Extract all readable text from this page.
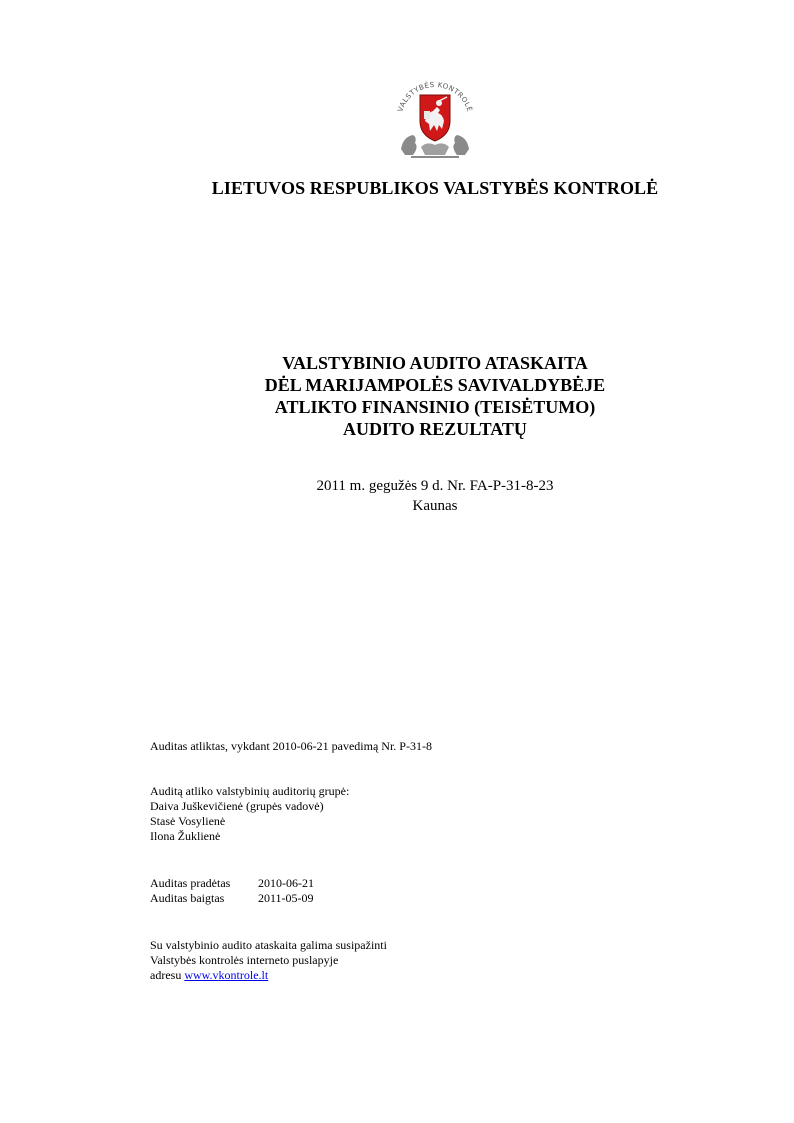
VALSTYBĖS KONTROLĖ
LIETUVOS RESPUBLIKOS VALSTYBĖS KONTROLĖ
VALSTYBINIO AUDITO ATASKAITA
DĖL MARIJAMPOLĖS SAVIVALDYBĖJE
ATLIKTO FINANSINIO (TEISĖTUMO)
AUDITO REZULTATŲ
2011 m. gegužės 9 d. Nr. FA-P-31-8-23
Kaunas
Auditas atliktas, vykdant 2010-06-21 pavedimą Nr. P-31-8
Auditą atliko valstybinių auditorių grupė:
Daiva Juškevičienė (grupės vadovė)
Stasė Vosylienė
Ilona Žuklienė
Auditas pradėtas	2010-06-21
Auditas baigtas	2011-05-09
Su valstybinio audito ataskaita galima susipažinti
Valstybės kontrolės interneto puslapyje
adresu www.vkontrole.lt
